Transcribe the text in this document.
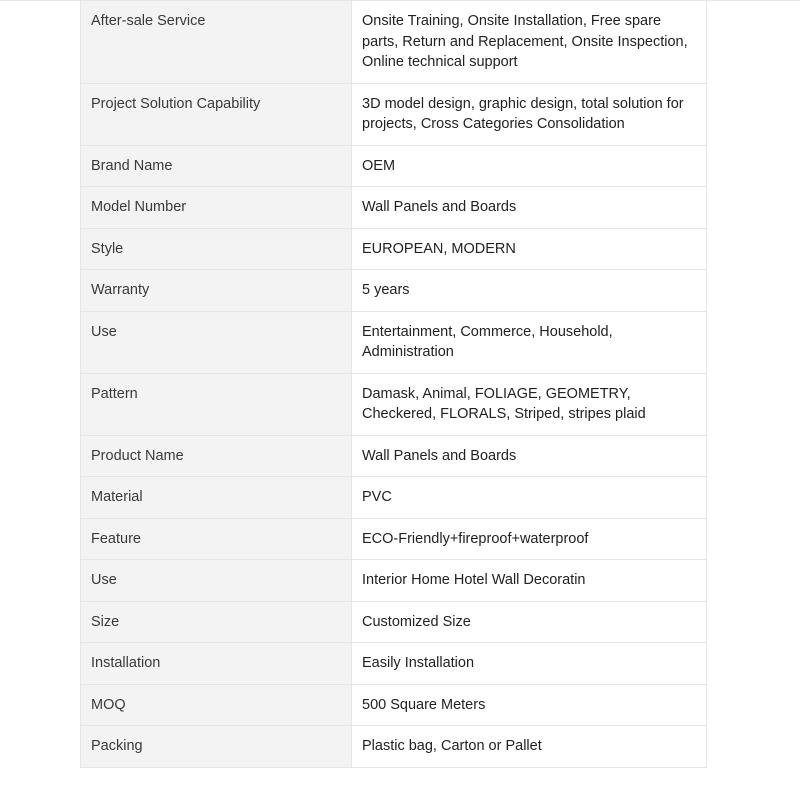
After-sale Service	Onsite Training, Onsite Installation, Free spare parts, Return and Replacement, Onsite Inspection, Online technical support
Project Solution Capability	3D model design, graphic design, total solution for projects, Cross Categories Consolidation
Brand Name	OEM
Model Number	Wall Panels and Boards
Style	EUROPEAN, MODERN
Warranty	5 years
Use	Entertainment, Commerce, Household, Administration
Pattern	Damask, Animal, FOLIAGE, GEOMETRY, Checkered, FLORALS, Striped, stripes plaid
Product Name	Wall Panels and Boards
Material	PVC
Feature	ECO-Friendly+fireproof+waterproof
Use	Interior Home Hotel Wall Decoratin
Size	Customized Size
Installation	Easily Installation
MOQ	500 Square Meters
Packing	Plastic bag, Carton or Pallet
